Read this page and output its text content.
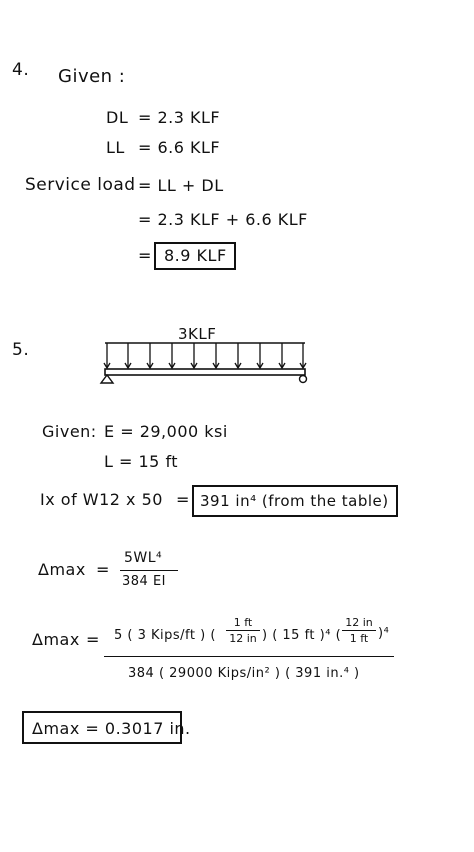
4. Given :
DL = 2.3 KLF
LL = 6.6 KLF
Service load = LL + DL
= 2.3 KLF + 6.6 KLF
= 8.9 KLF
5.
3KLF
Given: E = 29,000 ksi
L = 15 ft
Ix of W12 x 50 = 391 in⁴ (from the table)
Δmax =
5WL⁴
384 EI
Δmax = 5 ( 3 Kips/ft ) (
1 ft
12 in ) ( 15 ft )⁴ (
12 in
1 ft )⁴
384 ( 29000 Kips/in² ) ( 391 in.⁴ )
Δmax = 0.3017 in.
